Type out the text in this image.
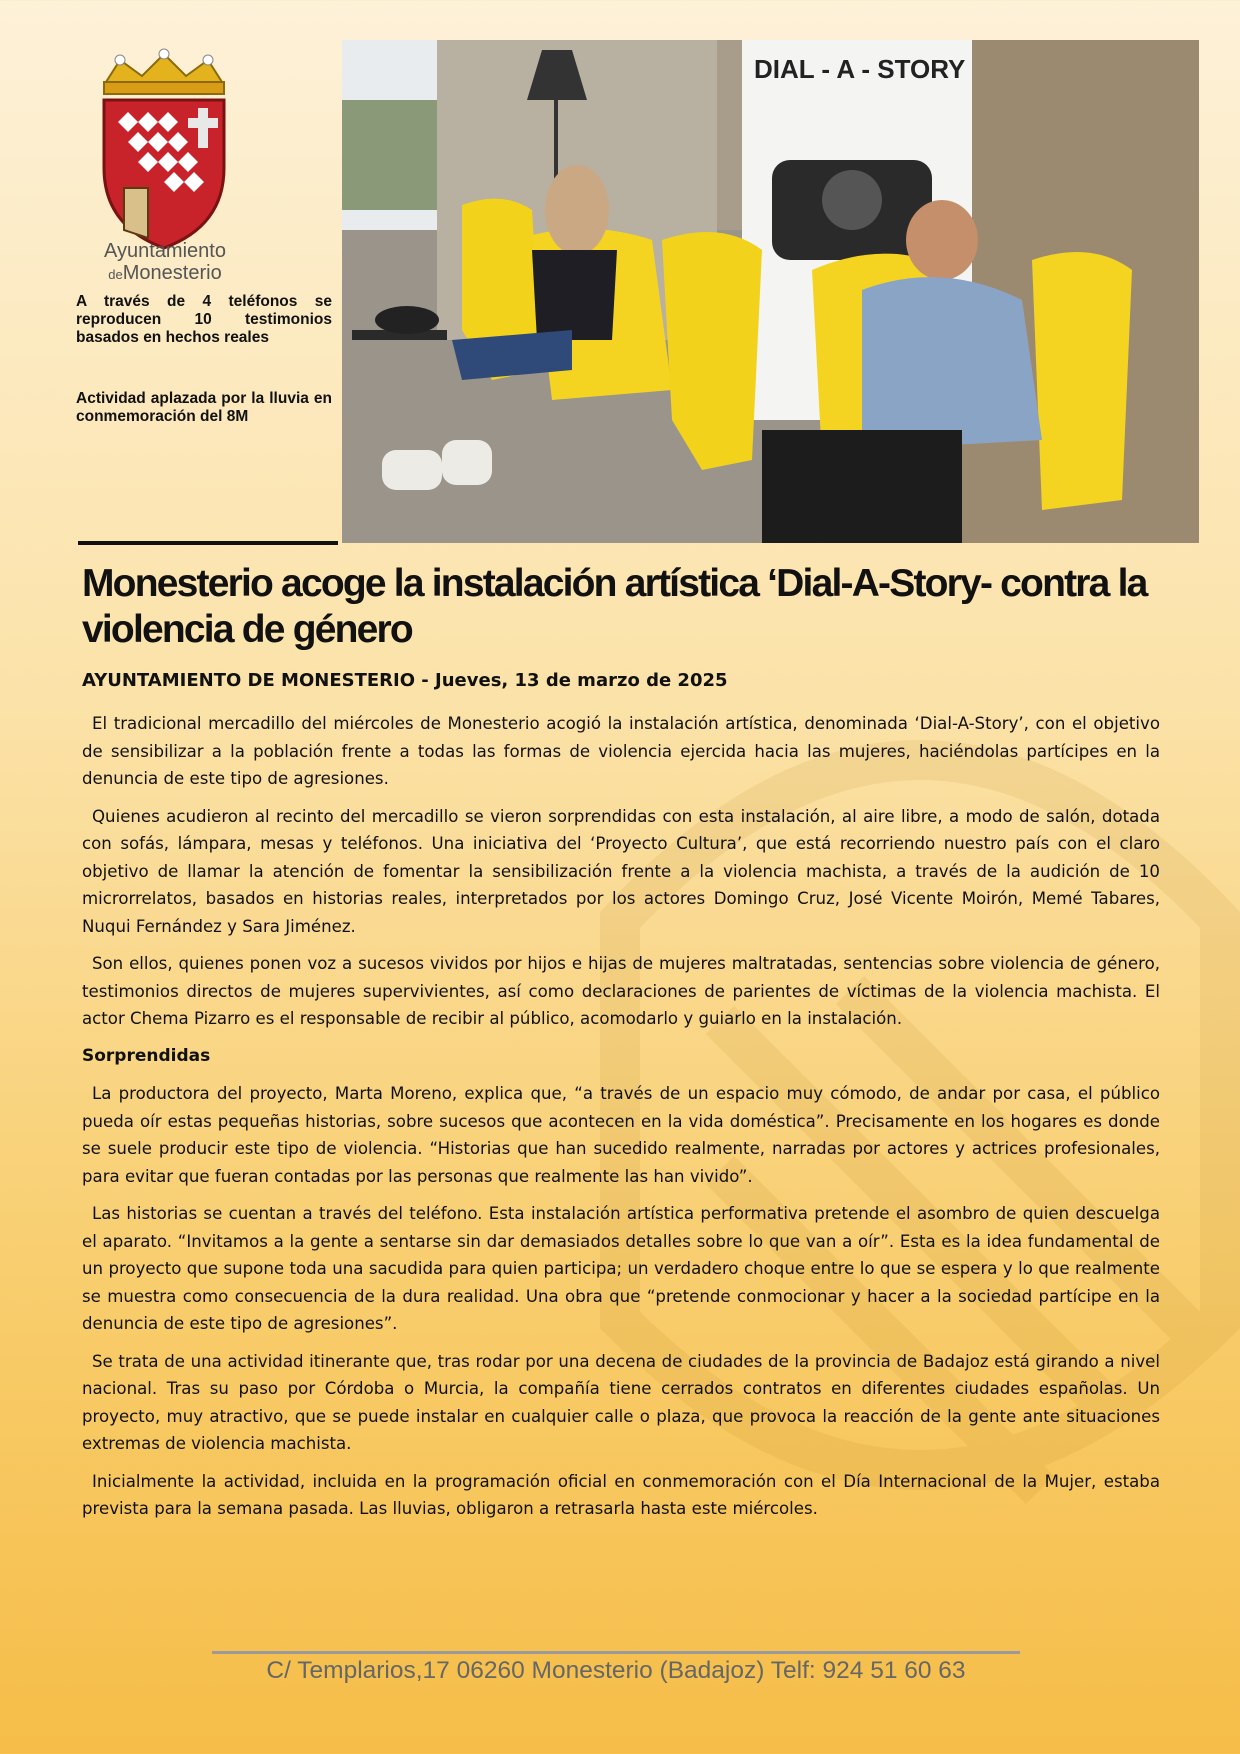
Ayuntamiento
deMonesterio
A través de 4 teléfonos se reproducen 10 testimonios basados en hechos reales
Actividad aplazada por la lluvia en conmemoración del 8M
DIAL - A - STORY
Monesterio acoge la instalación artística ‘Dial-A-Story- contra la violencia de género

AYUNTAMIENTO DE MONESTERIO - Jueves, 13 de marzo de 2025

El tradicional mercadillo del miércoles de Monesterio acogió la instalación artística, denominada ‘Dial-A-Story’, con el objetivo de sensibilizar a la población frente a todas las formas de violencia ejercida hacia las mujeres, haciéndolas partícipes en la denuncia de este tipo de agresiones.

Quienes acudieron al recinto del mercadillo se vieron sorprendidas con esta instalación, al aire libre, a modo de salón, dotada con sofás, lámpara, mesas y teléfonos. Una iniciativa del ‘Proyecto Cultura’, que está recorriendo nuestro país con el claro objetivo de llamar la atención de fomentar la sensibilización frente a la violencia machista, a través de la audición de 10 microrrelatos, basados en historias reales, interpretados por los actores Domingo Cruz, José Vicente Moirón, Memé Tabares, Nuqui Fernández y Sara Jiménez.

Son ellos, quienes ponen voz a sucesos vividos por hijos e hijas de mujeres maltratadas, sentencias sobre violencia de género, testimonios directos de mujeres supervivientes, así como declaraciones de parientes de víctimas de la violencia machista. El actor Chema Pizarro es el responsable de recibir al público, acomodarlo y guiarlo en la instalación.

Sorprendidas

La productora del proyecto, Marta Moreno, explica que, “a través de un espacio muy cómodo, de andar por casa, el público pueda oír estas pequeñas historias, sobre sucesos que acontecen en la vida doméstica”. Precisamente en los hogares es donde se suele producir este tipo de violencia. “Historias que han sucedido realmente, narradas por actores y actrices profesionales, para evitar que fueran contadas por las personas que realmente las han vivido”.

Las historias se cuentan a través del teléfono. Esta instalación artística performativa pretende el asombro de quien descuelga el aparato. “Invitamos a la gente a sentarse sin dar demasiados detalles sobre lo que van a oír”. Esta es la idea fundamental de un proyecto que supone toda una sacudida para quien participa; un verdadero choque entre lo que se espera y lo que realmente se muestra como consecuencia de la dura realidad. Una obra que “pretende conmocionar y hacer a la sociedad partícipe en la denuncia de este tipo de agresiones”.

Se trata de una actividad itinerante que, tras rodar por una decena de ciudades de la provincia de Badajoz está girando a nivel nacional. Tras su paso por Córdoba o Murcia, la compañía tiene cerrados contratos en diferentes ciudades españolas. Un proyecto, muy atractivo, que se puede instalar en cualquier calle o plaza, que provoca la reacción de la gente ante situaciones extremas de violencia machista.

Inicialmente la actividad, incluida en la programación oficial en conmemoración con el Día Internacional de la Mujer, estaba prevista para la semana pasada. Las lluvias, obligaron a retrasarla hasta este miércoles.

C/ Templarios,17 06260 Monesterio (Badajoz) Telf: 924 51 60 63
